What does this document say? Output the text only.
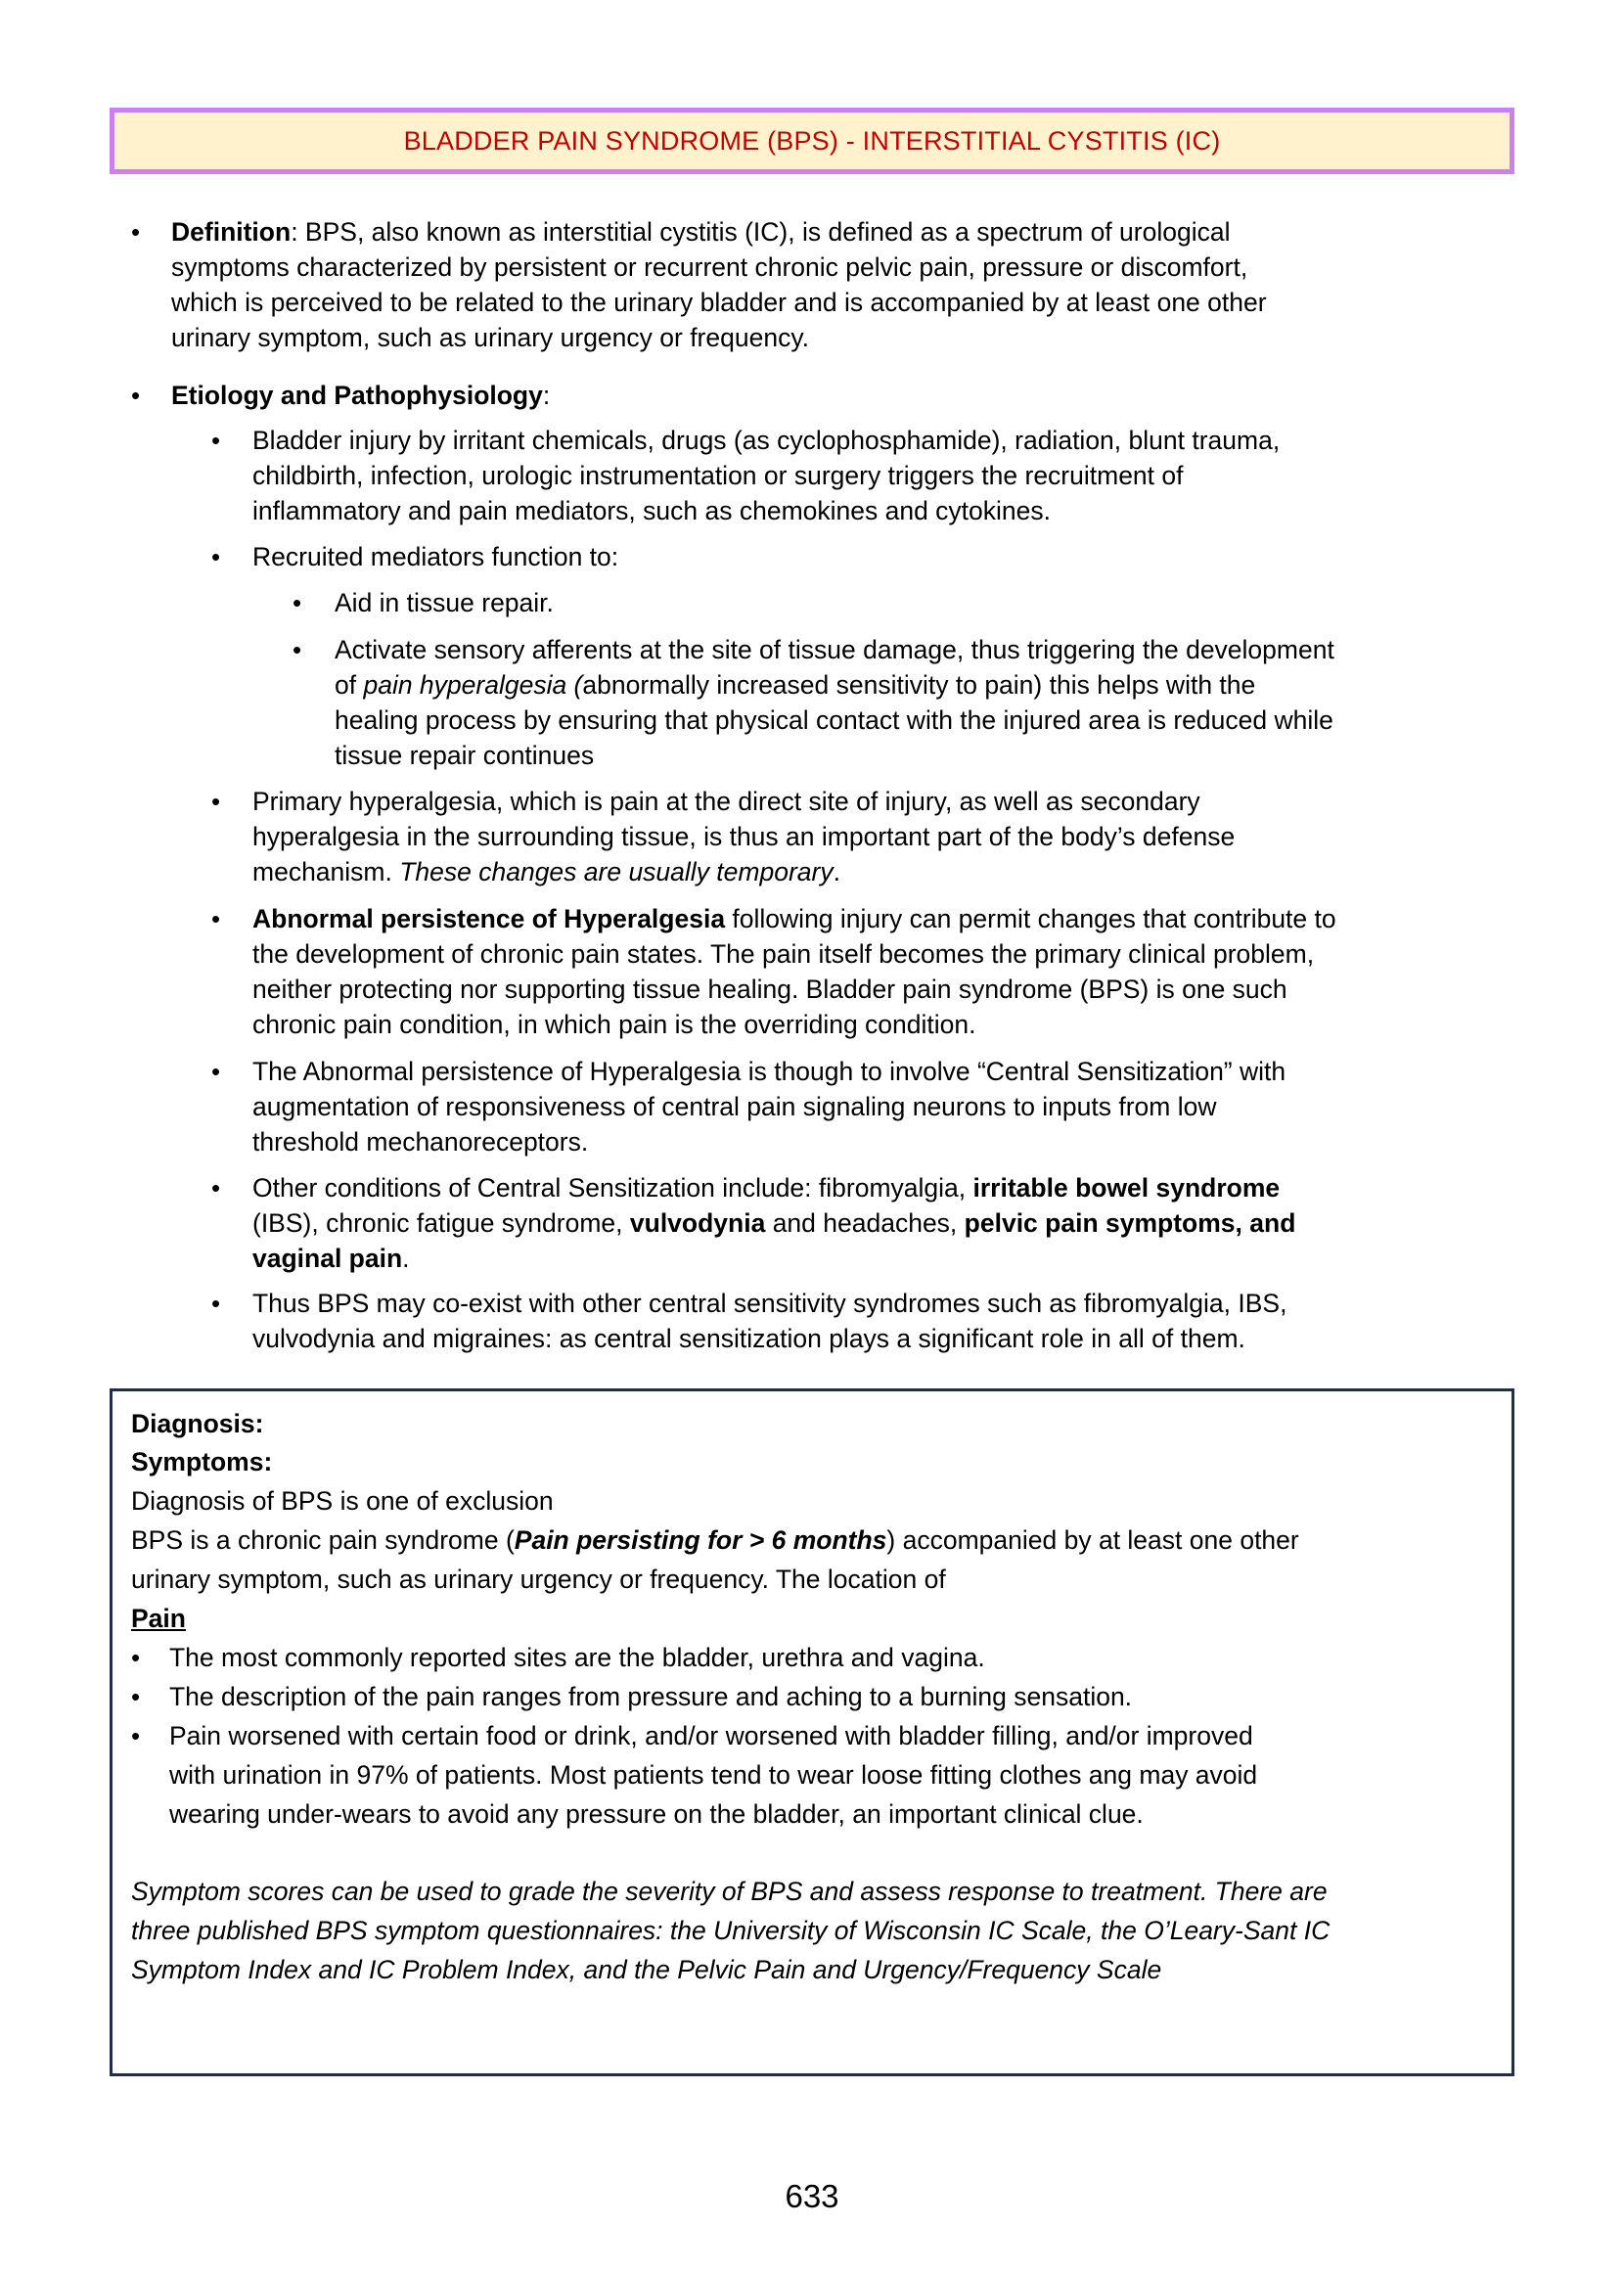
BLADDER PAIN SYNDROME (BPS) - INTERSTITIAL CYSTITIS (IC)
• Definition: BPS, also known as interstitial cystitis (IC), is defined as a spectrum of urological
symptoms characterized by persistent or recurrent chronic pelvic pain, pressure or discomfort,
which is perceived to be related to the urinary bladder and is accompanied by at least one other
urinary symptom, such as urinary urgency or frequency.
• Etiology and Pathophysiology:
• Bladder injury by irritant chemicals, drugs (as cyclophosphamide), radiation, blunt trauma,
childbirth, infection, urologic instrumentation or surgery triggers the recruitment of
inflammatory and pain mediators, such as chemokines and cytokines.
• Recruited mediators function to:
• Aid in tissue repair.
• Activate sensory afferents at the site of tissue damage, thus triggering the development
of pain hyperalgesia (abnormally increased sensitivity to pain) this helps with the
healing process by ensuring that physical contact with the injured area is reduced while
tissue repair continues
• Primary hyperalgesia, which is pain at the direct site of injury, as well as secondary
hyperalgesia in the surrounding tissue, is thus an important part of the body’s defense
mechanism. These changes are usually temporary.
• Abnormal persistence of Hyperalgesia following injury can permit changes that contribute to
the development of chronic pain states. The pain itself becomes the primary clinical problem,
neither protecting nor supporting tissue healing. Bladder pain syndrome (BPS) is one such
chronic pain condition, in which pain is the overriding condition.
• The Abnormal persistence of Hyperalgesia is though to involve “Central Sensitization” with
augmentation of responsiveness of central pain signaling neurons to inputs from low
threshold mechanoreceptors.
• Other conditions of Central Sensitization include: fibromyalgia, irritable bowel syndrome
(IBS), chronic fatigue syndrome, vulvodynia and headaches, pelvic pain symptoms, and
vaginal pain.
• Thus BPS may co-exist with other central sensitivity syndromes such as fibromyalgia, IBS,
vulvodynia and migraines: as central sensitization plays a significant role in all of them.
Diagnosis:
Symptoms:
Diagnosis of BPS is one of exclusion
BPS is a chronic pain syndrome (Pain persisting for > 6 months) accompanied by at least one other
urinary symptom, such as urinary urgency or frequency. The location of
Pain
• The most commonly reported sites are the bladder, urethra and vagina.
• The description of the pain ranges from pressure and aching to a burning sensation.
• Pain worsened with certain food or drink, and/or worsened with bladder filling, and/or improved
with urination in 97% of patients. Most patients tend to wear loose fitting clothes ang may avoid
wearing under-wears to avoid any pressure on the bladder, an important clinical clue.
Symptom scores can be used to grade the severity of BPS and assess response to treatment. There are
three published BPS symptom questionnaires: the University of Wisconsin IC Scale, the O’Leary-Sant IC
Symptom Index and IC Problem Index, and the Pelvic Pain and Urgency/Frequency Scale
633
